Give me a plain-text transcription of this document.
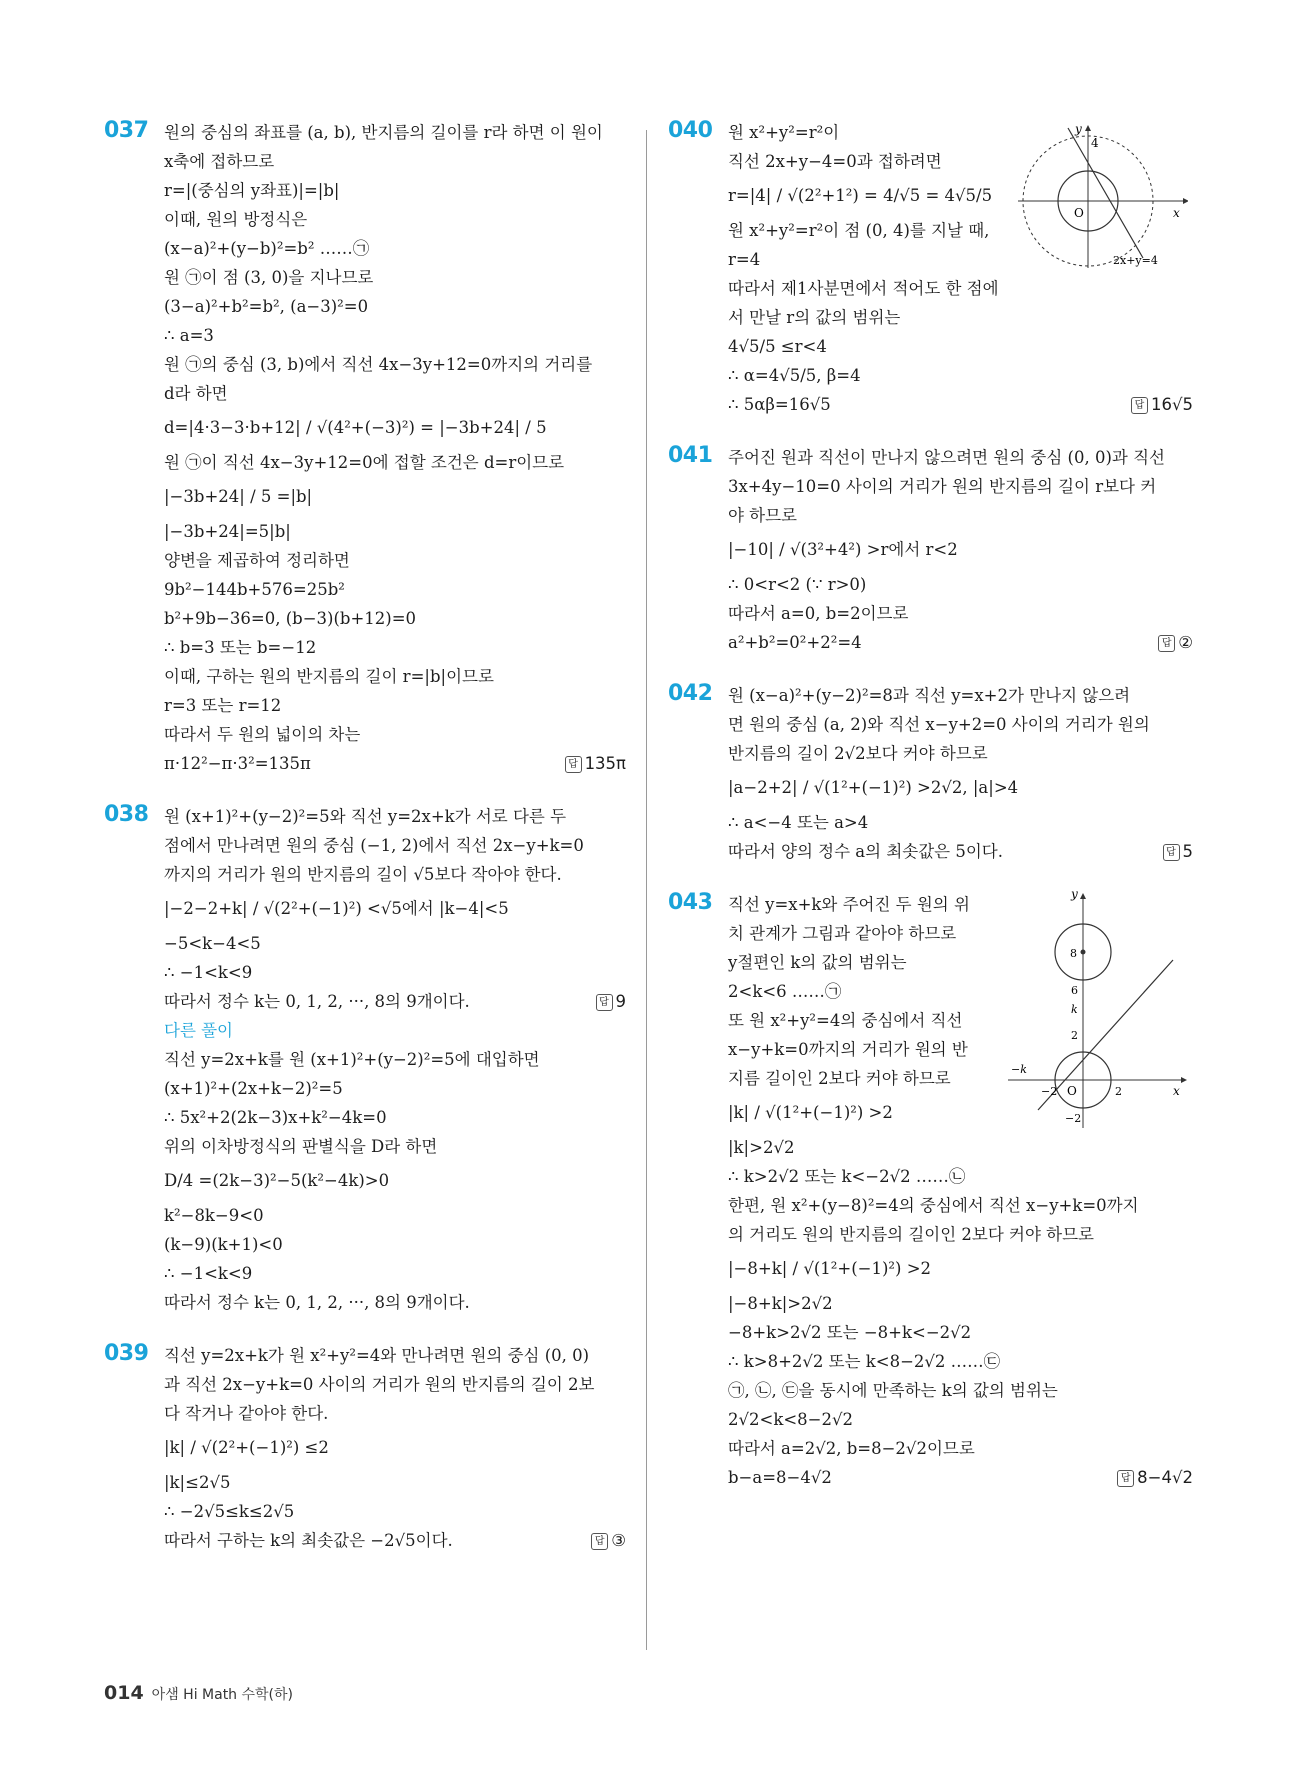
037 원의 중심의 좌표를 (a, b), 반지름의 길이를 r라 하면 이 원이
x축에 접하므로
r=|(중심의 y좌표)|=|b|
이때, 원의 방정식은
(x−a)²+(y−b)²=b² ……㉠
원 ㉠이 점 (3, 0)을 지나므로
(3−a)²+b²=b², (a−3)²=0
∴ a=3
원 ㉠의 중심 (3, b)에서 직선 4x−3y+12=0까지의 거리를
d라 하면
d=|4·3−3·b+12| / √(4²+(−3)²) = |−3b+24| / 5
원 ㉠이 직선 4x−3y+12=0에 접할 조건은 d=r이므로
|−3b+24| / 5 =|b|
|−3b+24|=5|b|
양변을 제곱하여 정리하면
9b²−144b+576=25b²
b²+9b−36=0, (b−3)(b+12)=0
∴ b=3 또는 b=−12
이때, 구하는 원의 반지름의 길이 r=|b|이므로
r=3 또는 r=12
따라서 두 원의 넓이의 차는
π·12²−π·3²=135π	답 135π
038 원 (x+1)²+(y−2)²=5와 직선 y=2x+k가 서로 다른 두
점에서 만나려면 원의 중심 (−1, 2)에서 직선 2x−y+k=0
까지의 거리가 원의 반지름의 길이 √5보다 작아야 한다.
|−2−2+k| / √(2²+(−1)²) <√5에서 |k−4|<5
−5<k−4<5
∴ −1<k<9
따라서 정수 k는 0, 1, 2, ···, 8의 9개이다.	답 9
다른 풀이
직선 y=2x+k를 원 (x+1)²+(y−2)²=5에 대입하면
(x+1)²+(2x+k−2)²=5
∴ 5x²+2(2k−3)x+k²−4k=0
위의 이차방정식의 판별식을 D라 하면
D/4 =(2k−3)²−5(k²−4k)>0
k²−8k−9<0
(k−9)(k+1)<0
∴ −1<k<9
따라서 정수 k는 0, 1, 2, ···, 8의 9개이다.
039 직선 y=2x+k가 원 x²+y²=4와 만나려면 원의 중심 (0, 0)
과 직선 2x−y+k=0 사이의 거리가 원의 반지름의 길이 2보
다 작거나 같아야 한다.
|k| / √(2²+(−1)²) ≤2
|k|≤2√5
∴ −2√5≤k≤2√5
따라서 구하는 k의 최솟값은 −2√5이다.	답 ③
040 원 x²+y²=r²이
직선 2x+y−4=0과 접하려면
r=|4| / √(2²+1²) = 4/√5 = 4√5/5
원 x²+y²=r²이 점 (0, 4)를 지날 때,
r=4
따라서 제1사분면에서 적어도 한 점에
서 만날 r의 값의 범위는
4√5/5 ≤r<4
∴ α=4√5/5, β=4
∴ 5αβ=16√5	답 16√5
y
x
O
4
2x+y=4
041 주어진 원과 직선이 만나지 않으려면 원의 중심 (0, 0)과 직선
3x+4y−10=0 사이의 거리가 원의 반지름의 길이 r보다 커
야 하므로
|−10| / √(3²+4²) >r에서 r<2
∴ 0<r<2 (∵ r>0)
따라서 a=0, b=2이므로
a²+b²=0²+2²=4	답 ②
042 원 (x−a)²+(y−2)²=8과 직선 y=x+2가 만나지 않으려
면 원의 중심 (a, 2)와 직선 x−y+2=0 사이의 거리가 원의
반지름의 길이 2√2보다 커야 하므로
|a−2+2| / √(1²+(−1)²) >2√2, |a|>4
∴ a<−4 또는 a>4
따라서 양의 정수 a의 최솟값은 5이다.	답 5
043 직선 y=x+k와 주어진 두 원의 위
치 관계가 그림과 같아야 하므로
y절편인 k의 값의 범위는
2<k<6 ……㉠
또 원 x²+y²=4의 중심에서 직선
x−y+k=0까지의 거리가 원의 반
지름 길이인 2보다 커야 하므로
|k| / √(1²+(−1)²) >2
|k|>2√2
∴ k>2√2 또는 k<−2√2 ……㉡
한편, 원 x²+(y−8)²=4의 중심에서 직선 x−y+k=0까지
의 거리도 원의 반지름의 길이인 2보다 커야 하므로
|−8+k| / √(1²+(−1)²) >2
|−8+k|>2√2
−8+k>2√2 또는 −8+k<−2√2
∴ k>8+2√2 또는 k<8−2√2 ……㉢
㉠, ㉡, ㉢을 동시에 만족하는 k의 값의 범위는
2√2<k<8−2√2
따라서 a=2√2, b=8−2√2이므로
b−a=8−4√2	답 8−4√2
y
x
O
8
6
k
2
−k
−2	2
−2
014 아샘 Hi Math 수학(하)
